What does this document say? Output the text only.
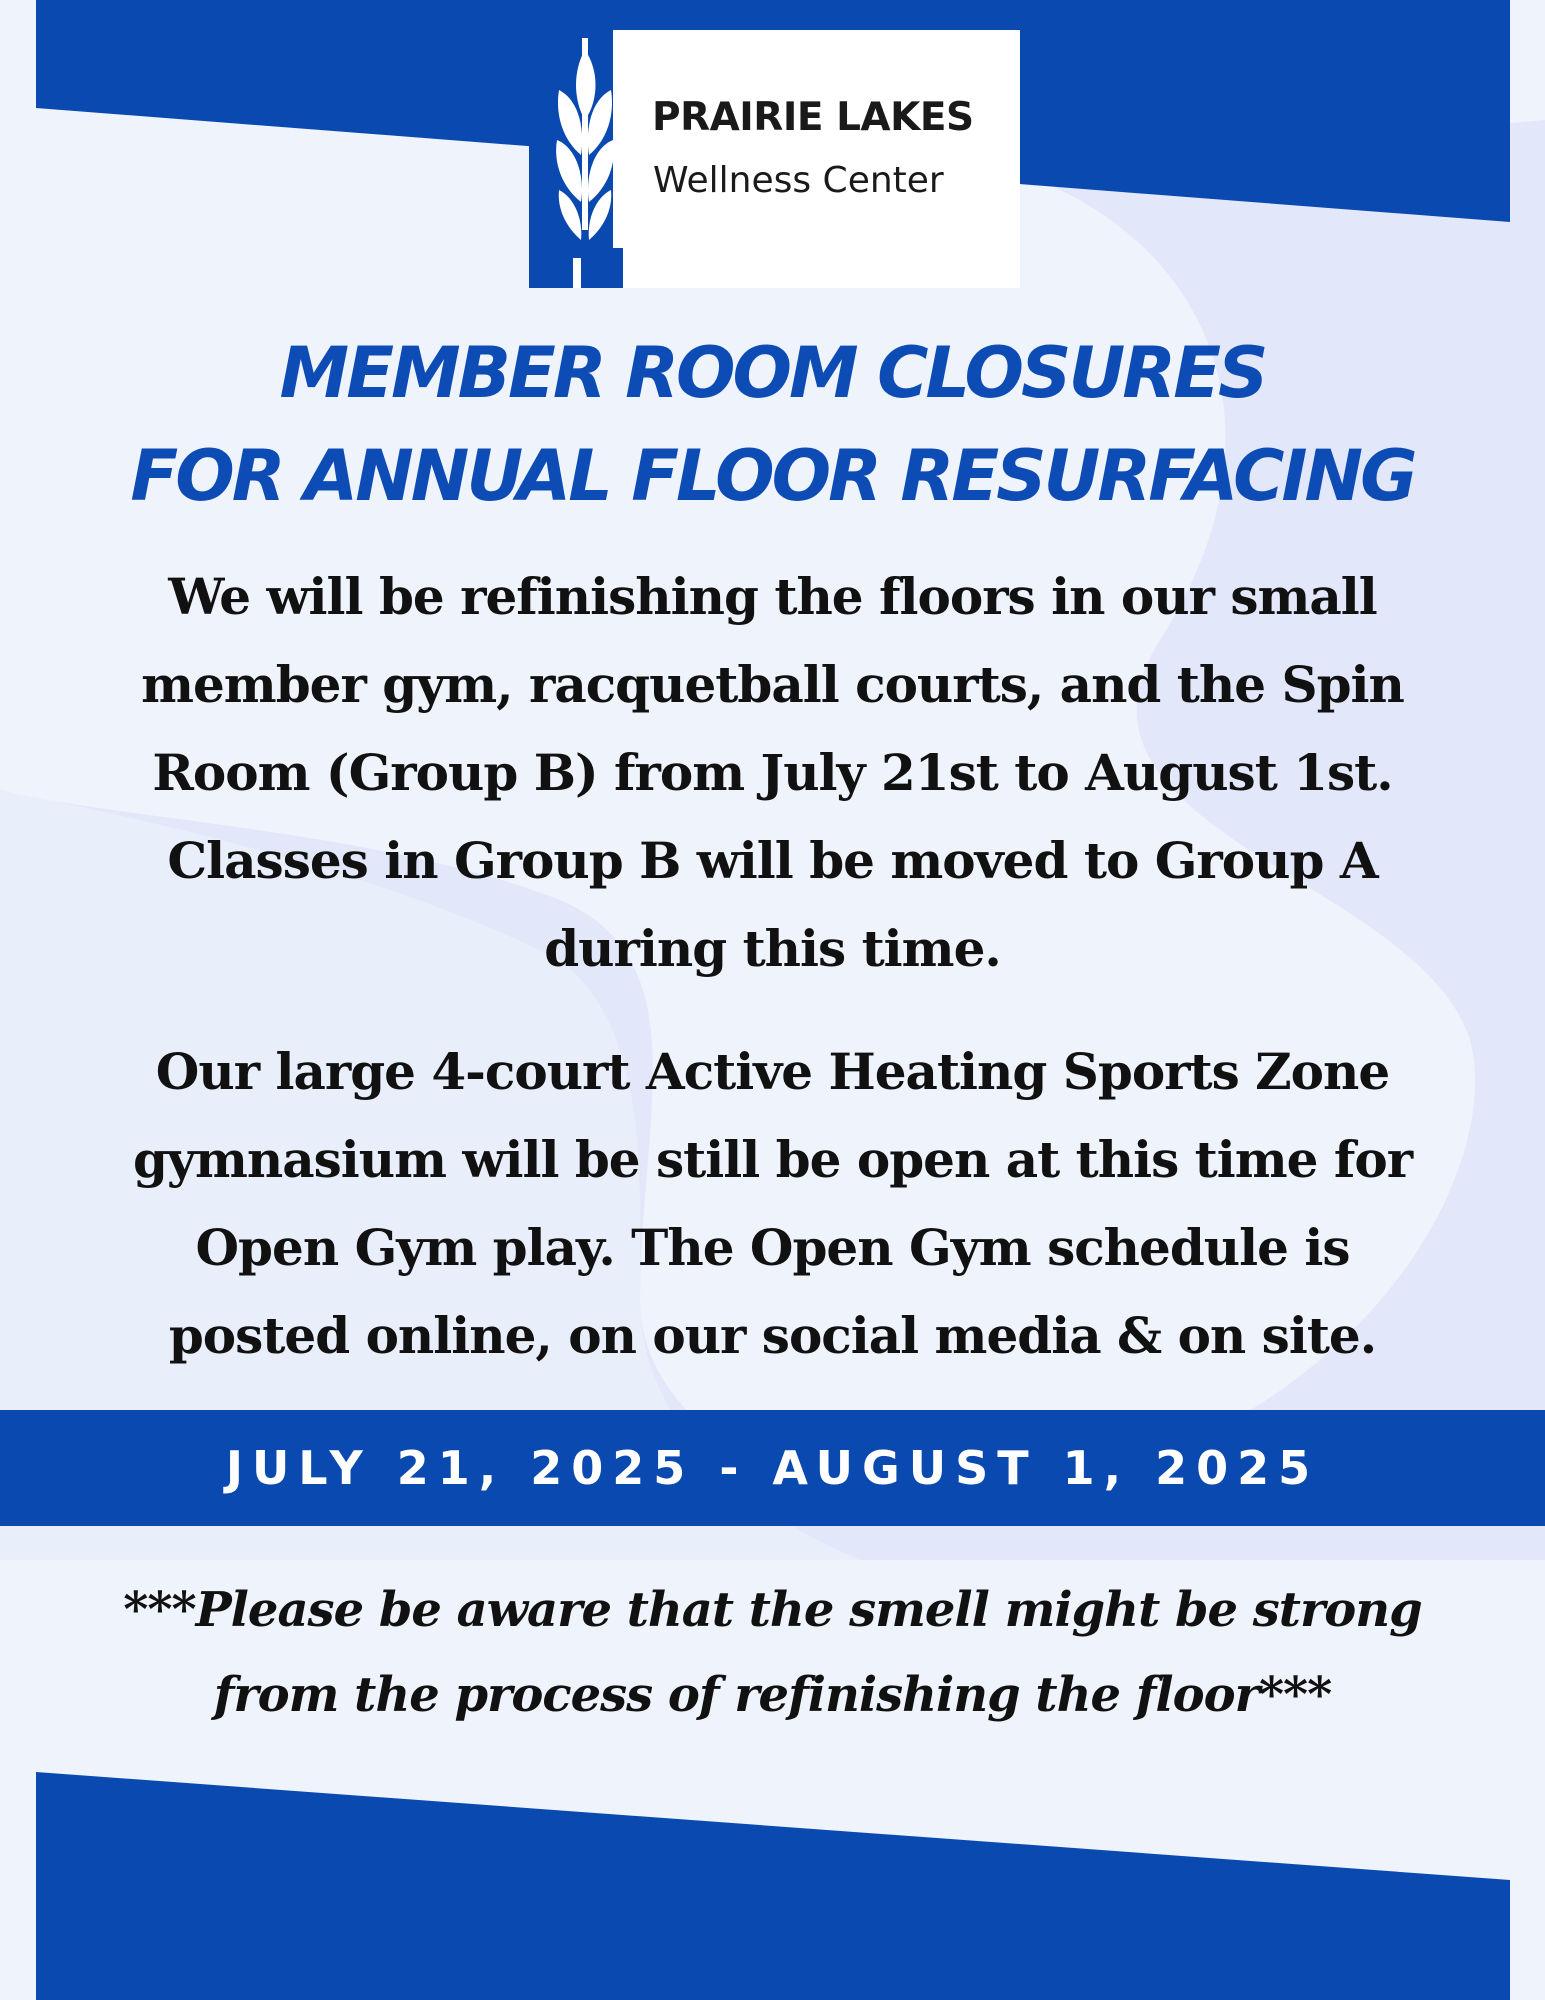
PRAIRIE LAKES
Wellness Center
MEMBER ROOM CLOSURES
FOR ANNUAL FLOOR RESURFACING
We will be refinishing the floors in our small
member gym, racquetball courts, and the Spin
Room (Group B) from July 21st to August 1st.
Classes in Group B will be moved to Group A
during this time.
Our large 4-court Active Heating Sports Zone
gymnasium will be still be open at this time for
Open Gym play. The Open Gym schedule is
posted online, on our social media & on site.
JULY 21, 2025 - AUGUST 1, 2025
***Please be aware that the smell might be strong
from the process of refinishing the floor***
